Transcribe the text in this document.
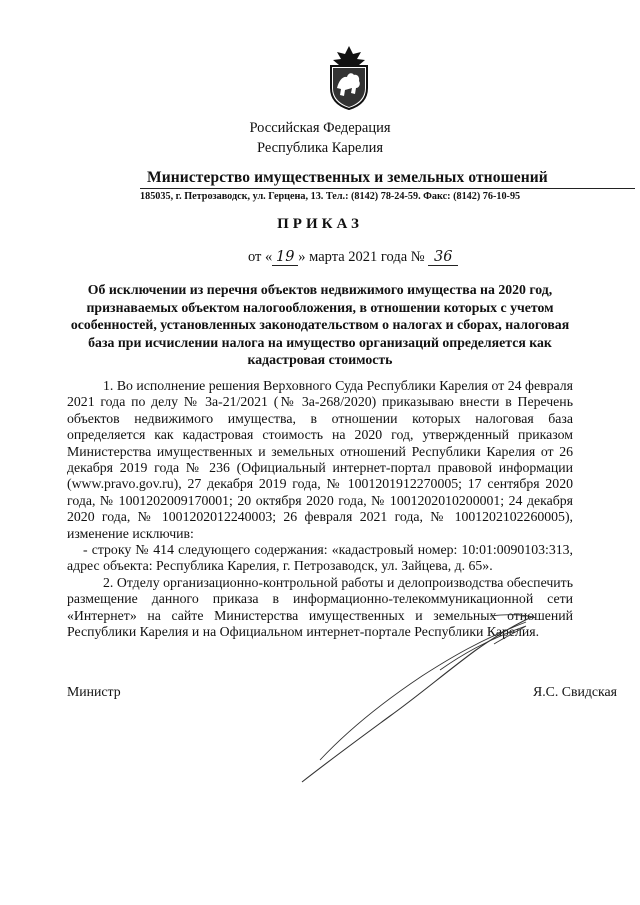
Российская Федерация
Республика Карелия
Министерство имущественных и земельных отношений
185035, г. Петрозаводск, ул. Герцена, 13. Тел.: (8142) 78-24-59. Факс: (8142) 76-10-95
ПРИКАЗ
от « 19 » марта 2021 года № 36
Об исключении из перечня объектов недвижимого имущества на 2020 год, признаваемых объектом налогообложения, в отношении которых с учетом особенностей, установленных законодательством о налогах и сборах, налоговая база при исчислении налога на имущество организаций определяется как кадастровая стоимость

1. Во исполнение решения Верховного Суда Республики Карелия от 24 февраля 2021 года по делу № 3а-21/2021 (№ 3а-268/2020) приказываю внести в Перечень объектов недвижимого имущества, в отношении которых налоговая база определяется как кадастровая стоимость на 2020 год, утвержденный приказом Министерства имущественных и земельных отношений Республики Карелия от 26 декабря 2019 года № 236 (Официальный интернет-портал правовой информации (www.pravo.gov.ru), 27 декабря 2019 года, № 1001201912270005; 17 сентября 2020 года, № 1001202009170001; 20 октября 2020 года, № 1001202010200001; 24 декабря 2020 года, № 1001202012240003; 26 февраля 2021 года, № 1001202102260005), изменение исключив:

- строку № 414 следующего содержания: «кадастровый номер: 10:01:0090103:313, адрес объекта: Республика Карелия, г. Петрозаводск, ул. Зайцева, д. 65».

2. Отделу организационно-контрольной работы и делопроизводства обеспечить размещение данного приказа в информационно-телекоммуникационной сети «Интернет» на сайте Министерства имущественных и земельных отношений Республики Карелия и на Официальном интернет-портале Республики Карелия.

Министр	Я.С. Свидская
